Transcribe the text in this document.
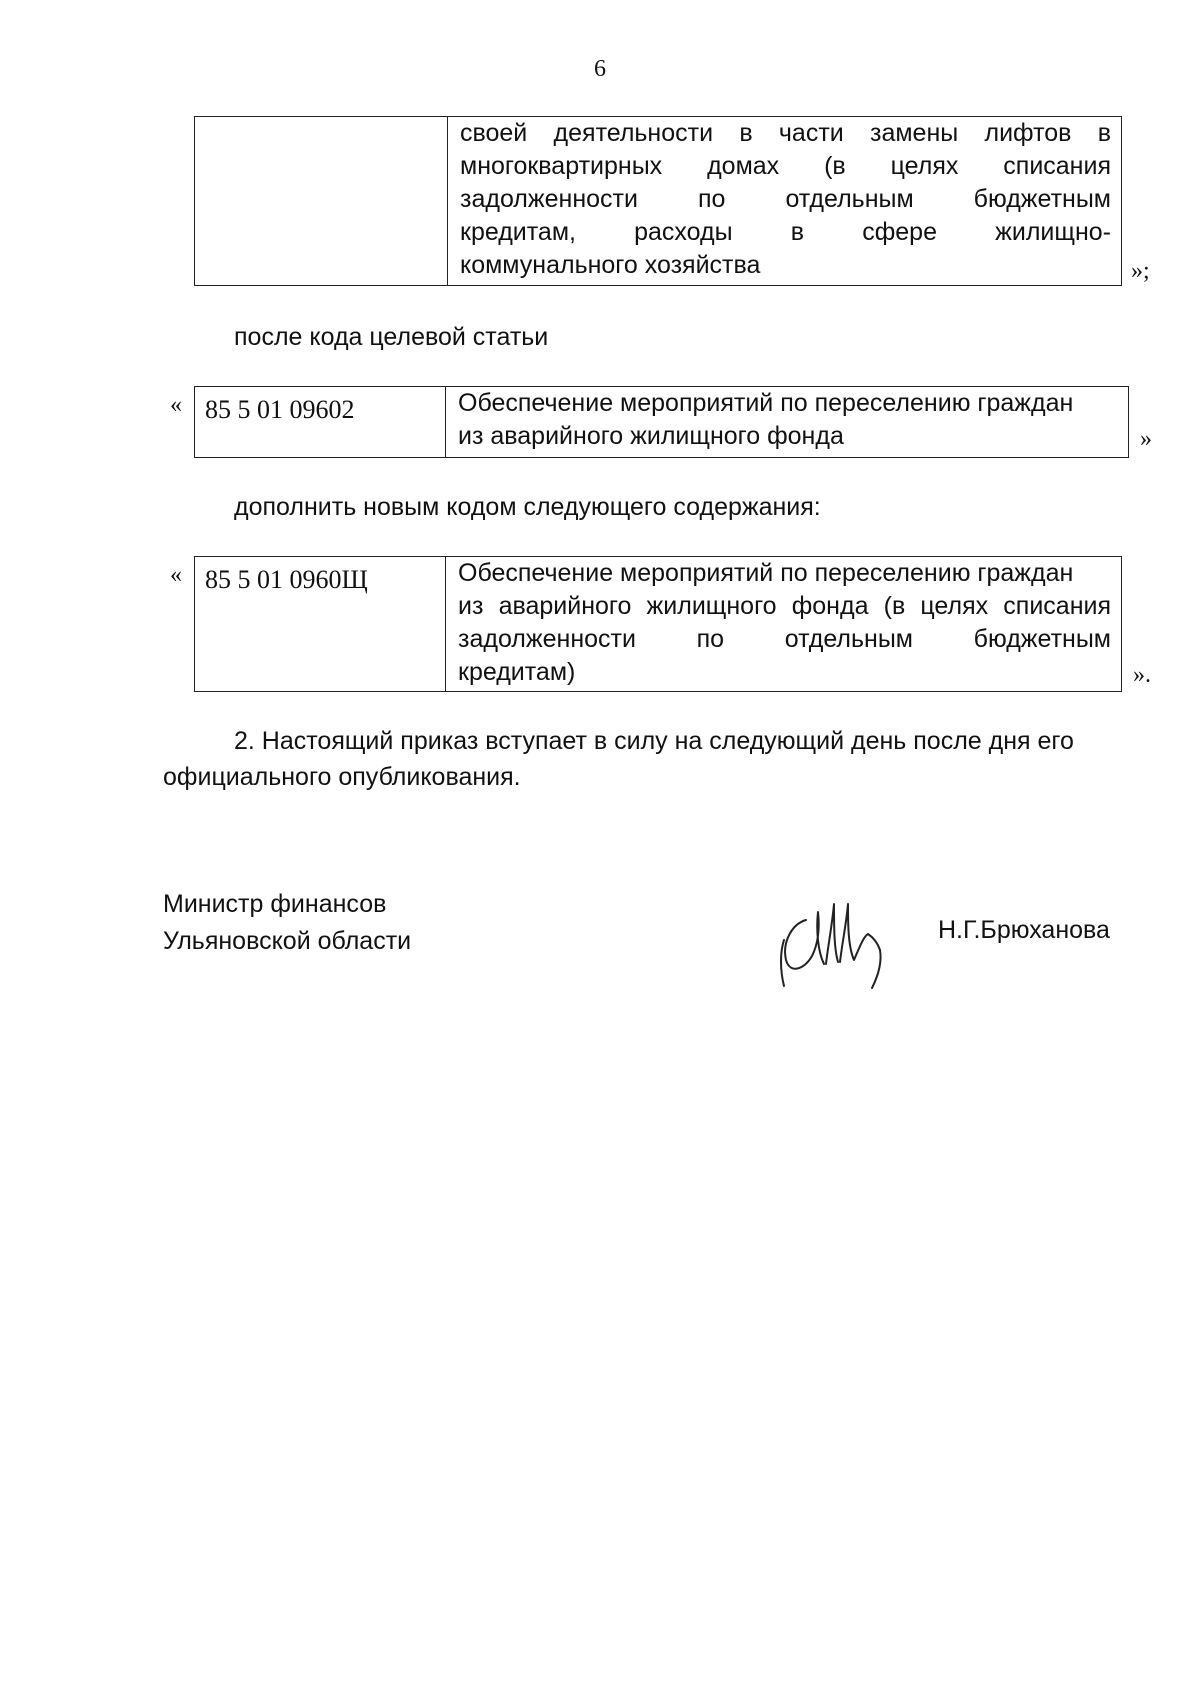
6

своей деятельности в части замены лифтов в
многоквартирных домах (в целях списания
задолженности по отдельным бюджетным
кредитам, расходы в сфере жилищно-
коммунального хозяйства	»;
после кода целевой статьи
« 85 5 01 09602	Обеспечение мероприятий по переселению граждан
из аварийного жилищного фонда	»
дополнить новым кодом следующего содержания:
« 85 5 01 0960Щ	Обеспечение мероприятий по переселению граждан
из аварийного жилищного фонда (в целях списания
задолженности по отдельным бюджетным
кредитам)	».
2. Настоящий приказ вступает в силу на следующий день после дня его
официального опубликования.
Министр финансов
Ульяновской области	Н.Г.Брюханова
